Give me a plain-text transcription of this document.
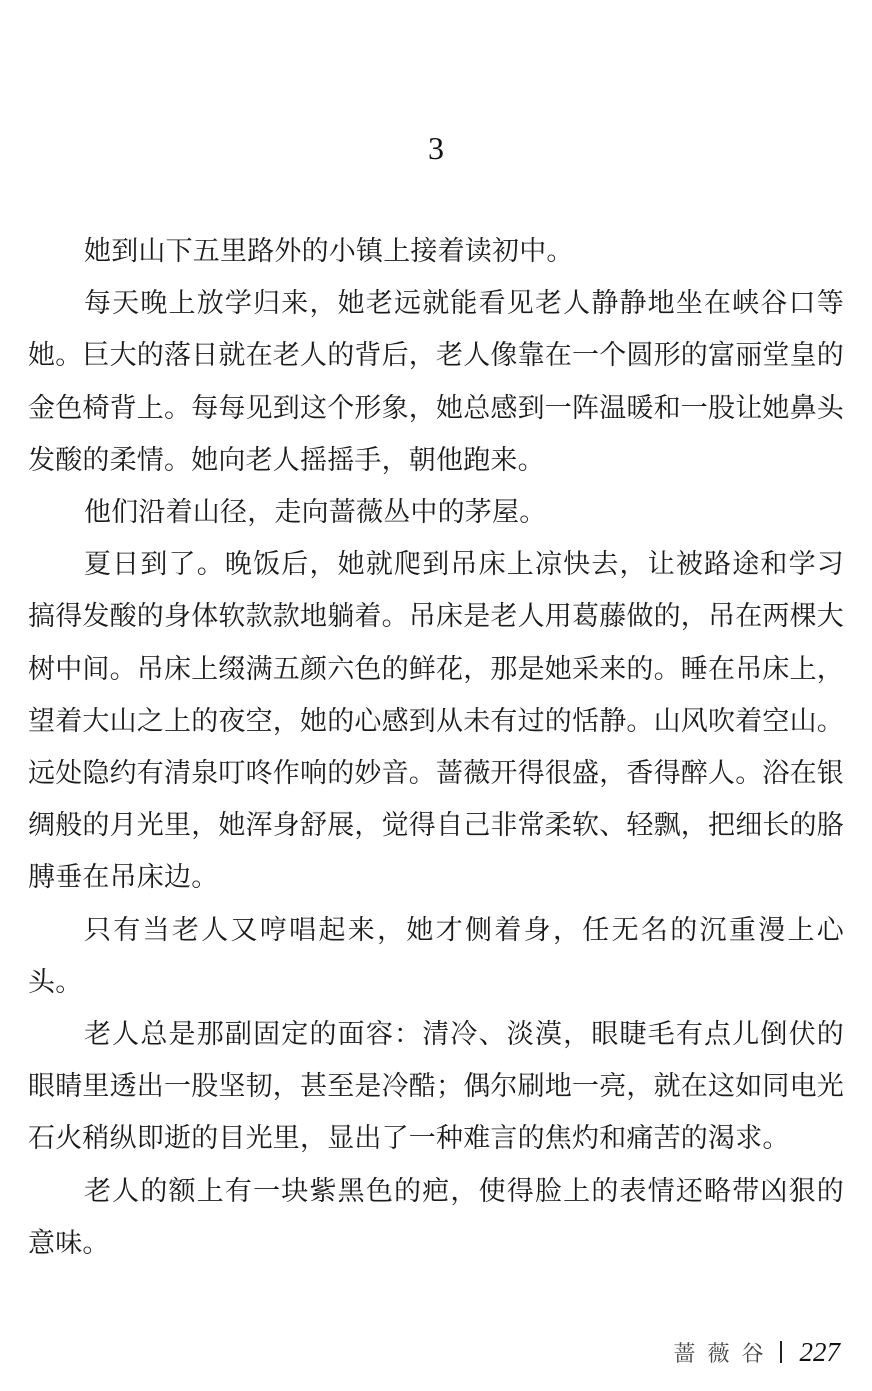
3

她到山下五里路外的小镇上接着读初中。

每天晚上放学归来，她老远就能看见老人静静地坐在峡谷口等她。巨大的落日就在老人的背后，老人像靠在一个圆形的富丽堂皇的金色椅背上。每每见到这个形象，她总感到一阵温暖和一股让她鼻头发酸的柔情。她向老人摇摇手，朝他跑来。

他们沿着山径，走向蔷薇丛中的茅屋。

夏日到了。晚饭后，她就爬到吊床上凉快去，让被路途和学习搞得发酸的身体软款款地躺着。吊床是老人用葛藤做的，吊在两棵大树中间。吊床上缀满五颜六色的鲜花，那是她采来的。睡在吊床上，望着大山之上的夜空，她的心感到从未有过的恬静。山风吹着空山。远处隐约有清泉叮咚作响的妙音。蔷薇开得很盛，香得醉人。浴在银绸般的月光里，她浑身舒展，觉得自己非常柔软、轻飘，把细长的胳膊垂在吊床边。

只有当老人又哼唱起来，她才侧着身，任无名的沉重漫上心头。

老人总是那副固定的面容：清冷、淡漠，眼睫毛有点儿倒伏的眼睛里透出一股坚韧，甚至是冷酷；偶尔刷地一亮，就在这如同电光石火稍纵即逝的目光里，显出了一种难言的焦灼和痛苦的渴求。

老人的额上有一块紫黑色的疤，使得脸上的表情还略带凶狠的意味。

蔷薇谷 227
